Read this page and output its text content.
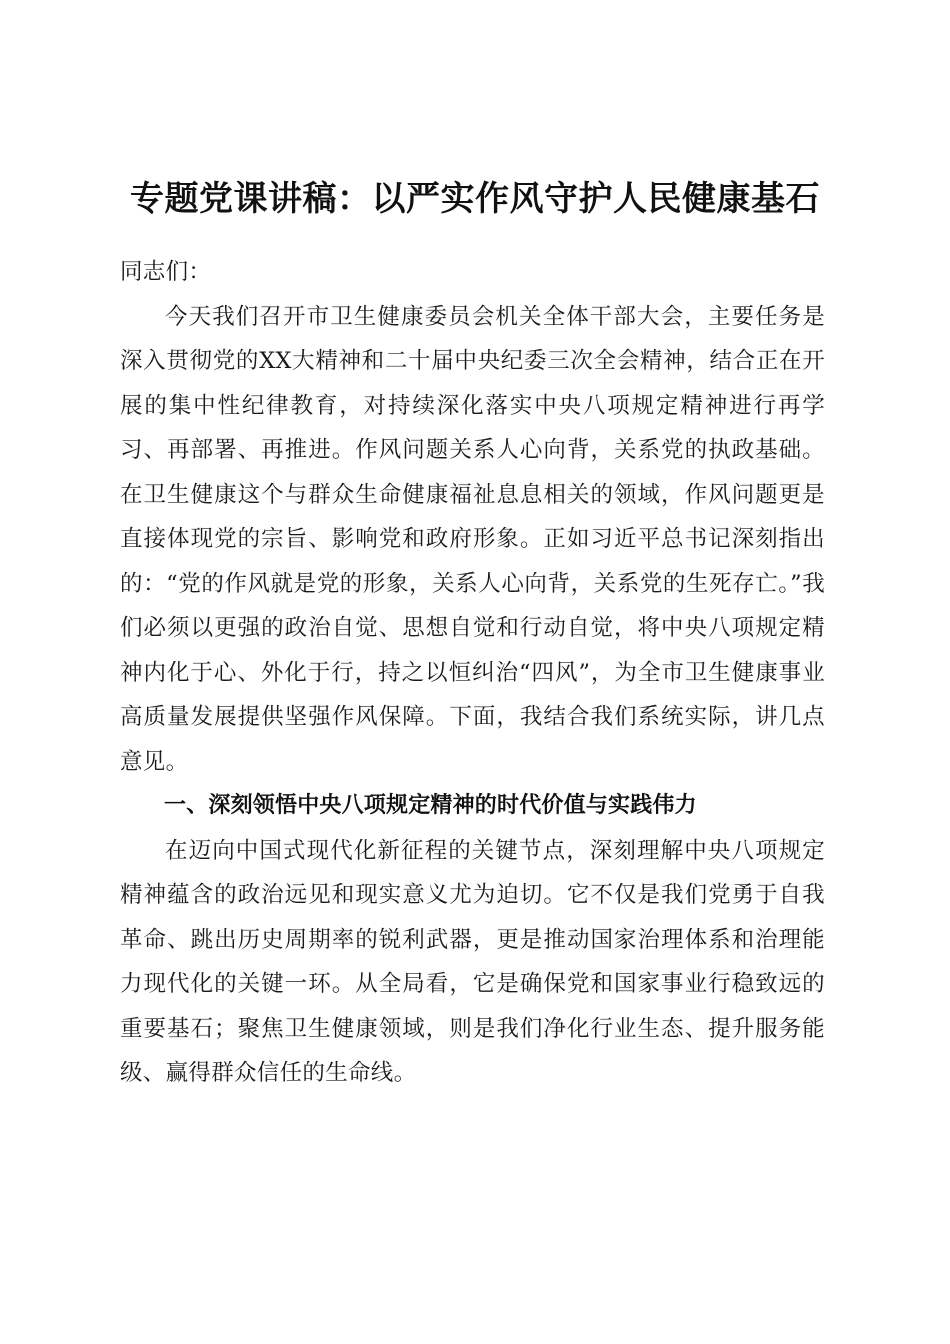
专题党课讲稿：以严实作风守护人民健康基石

同志们：

今天我们召开市卫生健康委员会机关全体干部大会，主要任务是深入贯彻党的XX大精神和二十届中央纪委三次全会精神，结合正在开展的集中性纪律教育，对持续深化落实中央八项规定精神进行再学习、再部署、再推进。作风问题关系人心向背，关系党的执政基础。在卫生健康这个与群众生命健康福祉息息相关的领域，作风问题更是直接体现党的宗旨、影响党和政府形象。正如习近平总书记深刻指出的：“党的作风就是党的形象，关系人心向背，关系党的生死存亡。”我们必须以更强的政治自觉、思想自觉和行动自觉，将中央八项规定精神内化于心、外化于行，持之以恒纠治“四风”，为全市卫生健康事业高质量发展提供坚强作风保障。下面，我结合我们系统实际，讲几点意见。

一、深刻领悟中央八项规定精神的时代价值与实践伟力

在迈向中国式现代化新征程的关键节点，深刻理解中央八项规定精神蕴含的政治远见和现实意义尤为迫切。它不仅是我们党勇于自我革命、跳出历史周期率的锐利武器，更是推动国家治理体系和治理能力现代化的关键一环。从全局看，它是确保党和国家事业行稳致远的重要基石；聚焦卫生健康领域，则是我们净化行业生态、提升服务能级、赢得群众信任的生命线。
